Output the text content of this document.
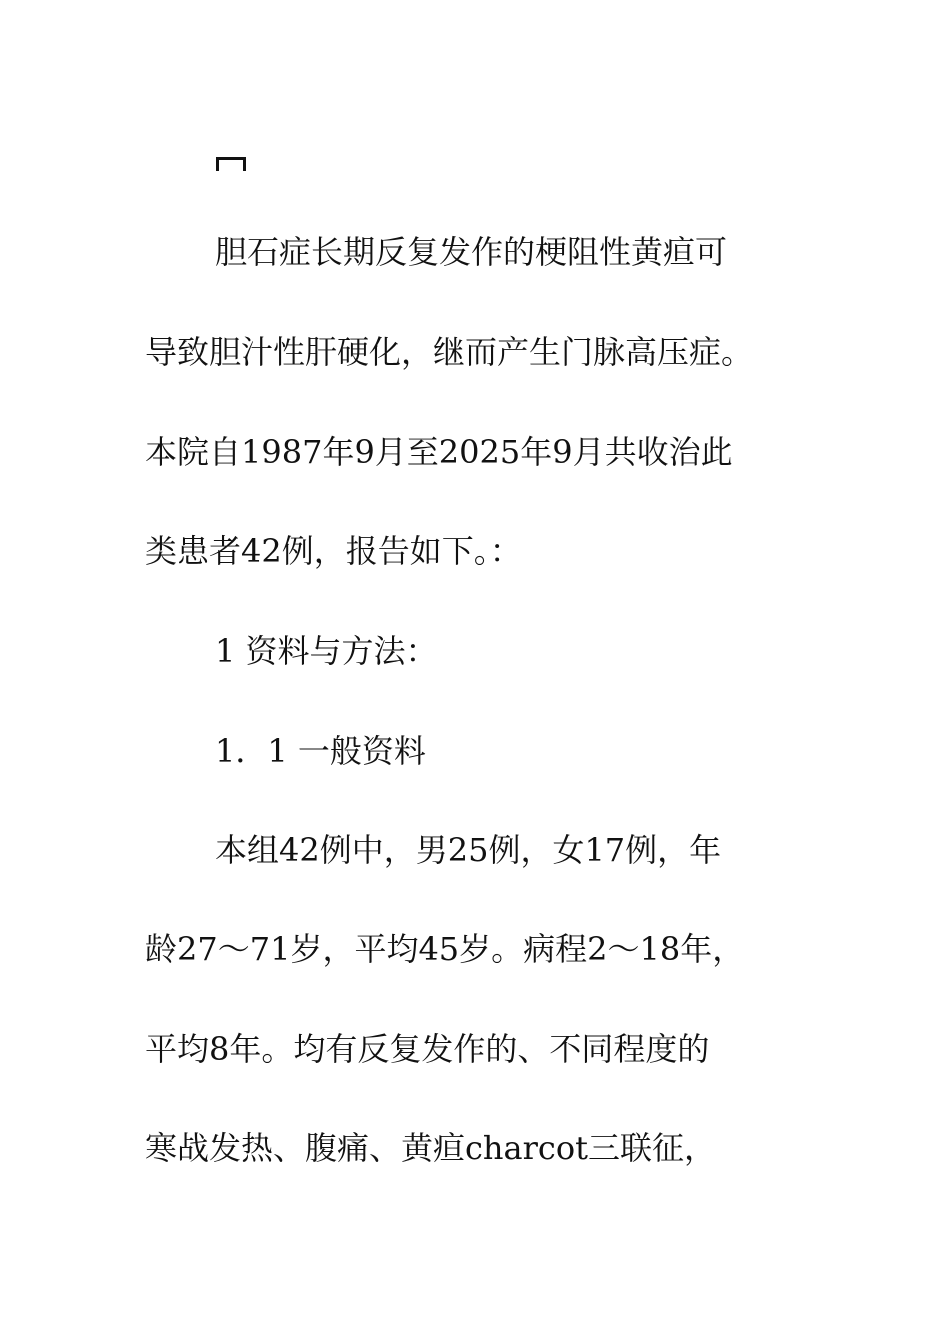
胆石症长期反复发作的梗阻性黄疸可
导致胆汁性肝硬化，继而产生门脉高压症。
本院自1987年9月至2025年9月共收治此
类患者42例，报告如下。：
1 资料与方法：
1．1 一般资料
本组42例中，男25例，女17例，年
龄27～71岁，平均45岁。病程2～18年，
平均8年。均有反复发作的、不同程度的
寒战发热、腹痛、黄疸charcot三联征，
